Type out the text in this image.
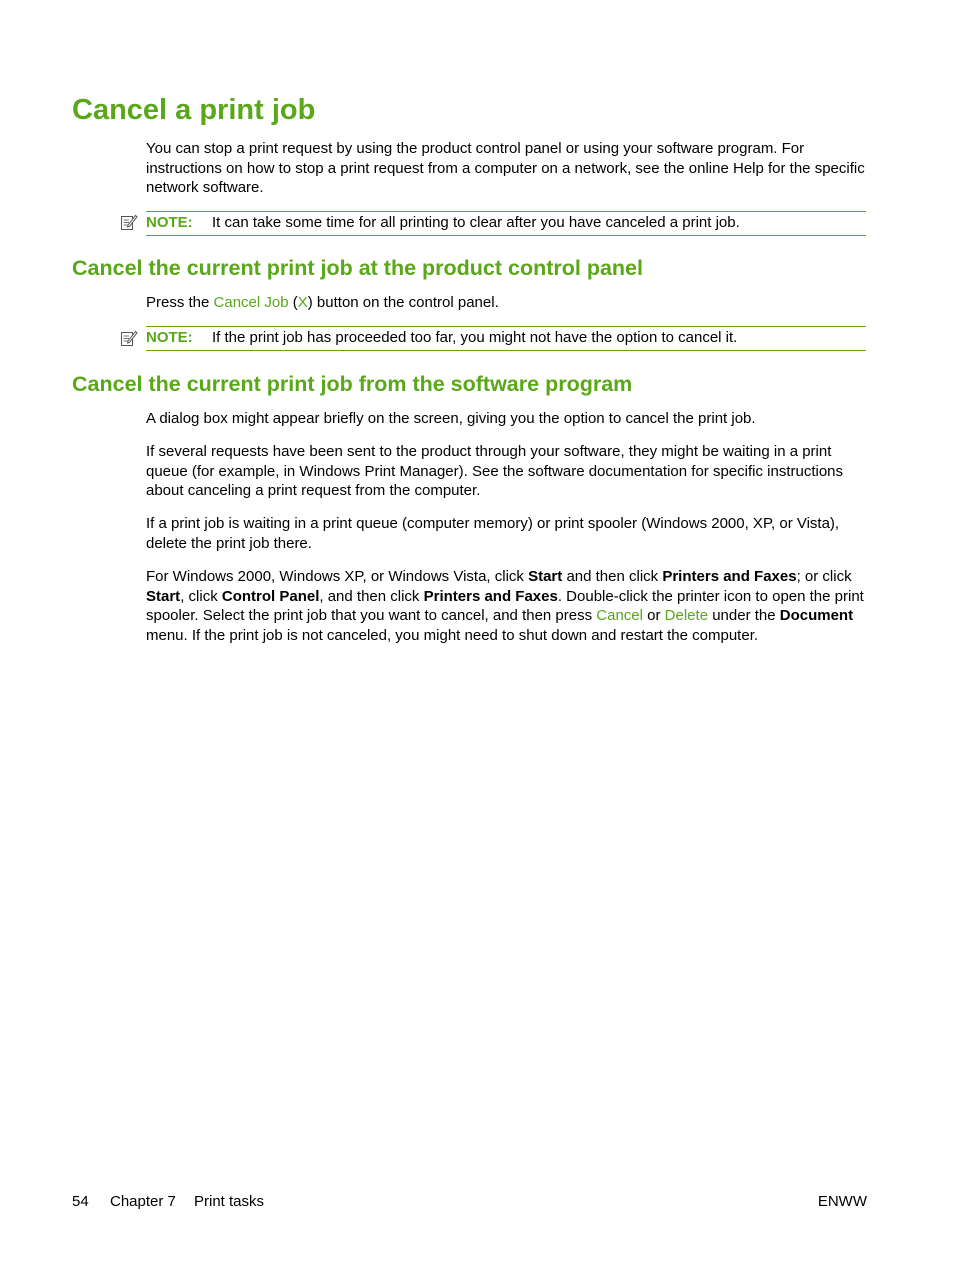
Cancel a print job

You can stop a print request by using the product control panel or using your software program. For instructions on how to stop a print request from a computer on a network, see the online Help for the specific network software.

NOTE: It can take some time for all printing to clear after you have canceled a print job.
Cancel the current print job at the product control panel

Press the Cancel Job (X) button on the control panel.

NOTE: If the print job has proceeded too far, you might not have the option to cancel it.
Cancel the current print job from the software program

A dialog box might appear briefly on the screen, giving you the option to cancel the print job.

If several requests have been sent to the product through your software, they might be waiting in a print queue (for example, in Windows Print Manager). See the software documentation for specific instructions about canceling a print request from the computer.

If a print job is waiting in a print queue (computer memory) or print spooler (Windows 2000, XP, or Vista), delete the print job there.

For Windows 2000, Windows XP, or Windows Vista, click Start and then click Printers and Faxes; or click Start, click Control Panel, and then click Printers and Faxes. Double-click the printer icon to open the print spooler. Select the print job that you want to cancel, and then press Cancel or Delete under the Document menu. If the print job is not canceled, you might need to shut down and restart the computer.

54 Chapter 7 Print tasks	ENWW
